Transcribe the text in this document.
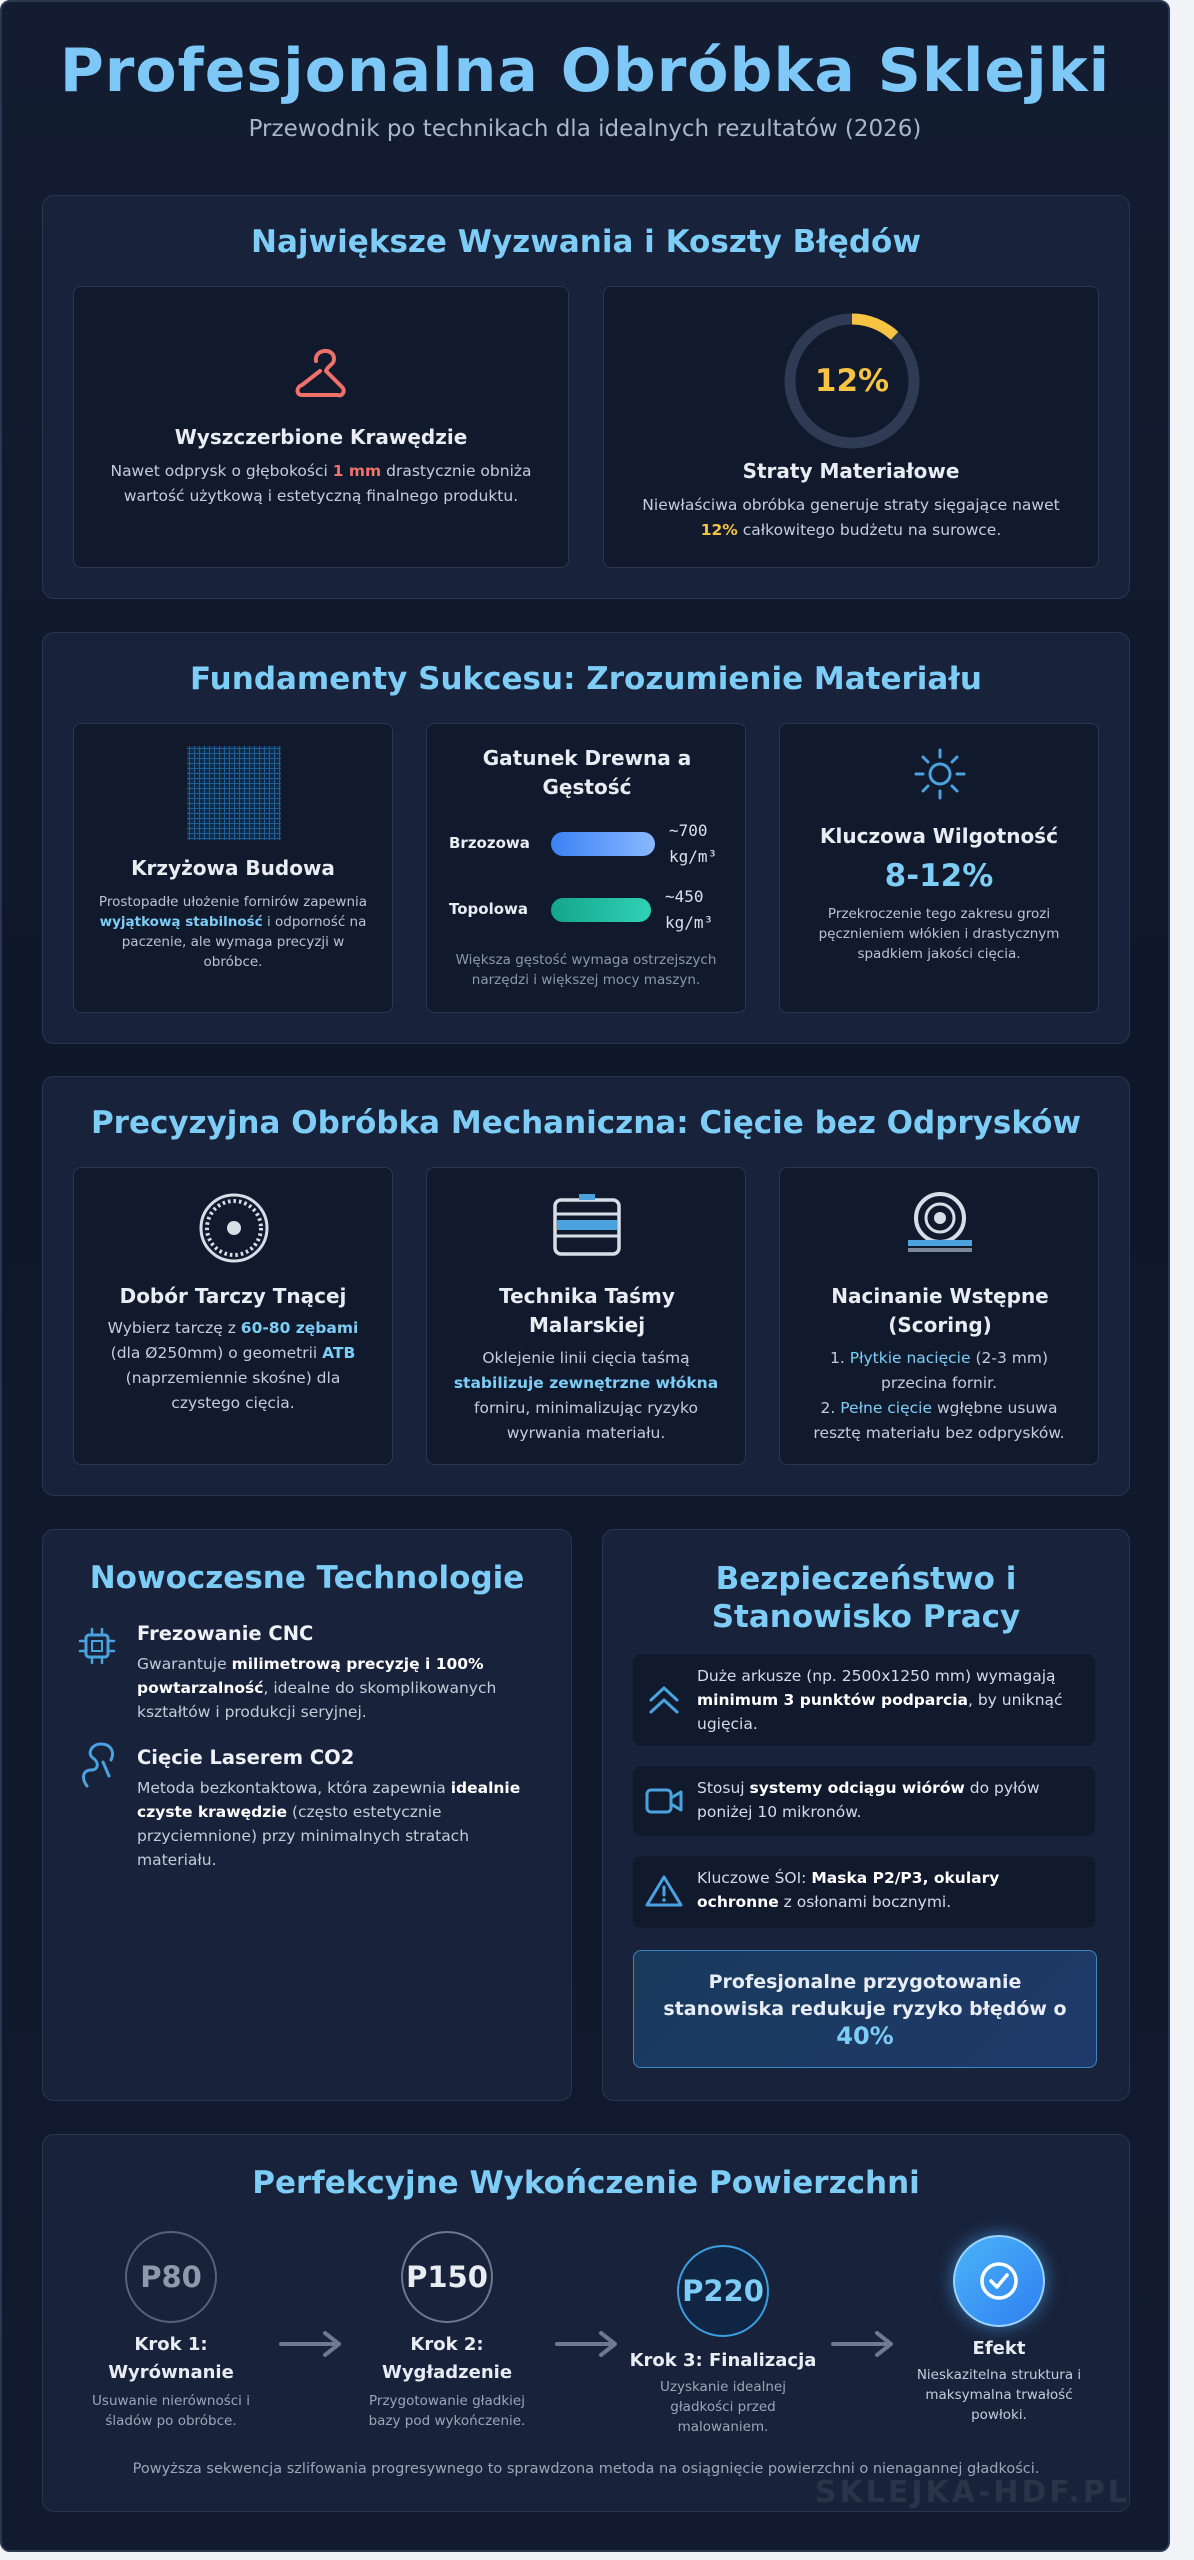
Profesjonalna Obróbka Sklejki
Przewodnik po technikach dla idealnych rezultatów (2026)
Największe Wyzwania i Koszty Błędów
Wyszczerbione Krawędzie
Nawet odprysk o głębokości 1 mm drastycznie obniża wartość użytkową i estetyczną finalnego produktu.
12%
Straty Materiałowe
Niewłaściwa obróbka generuje straty sięgające nawet 12% całkowitego budżetu na surowce.
Fundamenty Sukcesu: Zrozumienie Materiału
Krzyżowa Budowa
Prostopadłe ułożenie fornirów zapewnia wyjątkową stabilność i odporność na paczenie, ale wymaga precyzji w obróbce.
Gatunek Drewna a Gęstość
Brzozowa
~700
kg/m³
Topolowa
~450
kg/m³
Większa gęstość wymaga ostrzejszych narzędzi i większej mocy maszyn.
Kluczowa Wilgotność
8-12%
Przekroczenie tego zakresu grozi pęcznieniem włókien i drastycznym spadkiem jakości cięcia.
Precyzyjna Obróbka Mechaniczna: Cięcie bez Odprysków
Dobór Tarczy Tnącej
Wybierz tarczę z 60-80 zębami (dla Ø250mm) o geometrii ATB (naprzemiennie skośne) dla czystego cięcia.
Technika Taśmy Malarskiej
Oklejenie linii cięcia taśmą stabilizuje zewnętrzne włókna forniru, minimalizując ryzyko wyrwania materiału.
Nacinanie Wstępne (Scoring)
1. Płytkie nacięcie (2-3 mm) przecina fornir.
2. Pełne cięcie wgłębne usuwa resztę materiału bez odprysków.
Nowoczesne Technologie
Frezowanie CNC
Gwarantuje milimetrową precyzję i 100% powtarzalność, idealne do skomplikowanych kształtów i produkcji seryjnej.
Cięcie Laserem CO2
Metoda bezkontaktowa, która zapewnia idealnie czyste krawędzie (często estetycznie przyciemnione) przy minimalnych stratach materiału.
Bezpieczeństwo i
Stanowisko Pracy
Duże arkusze (np. 2500x1250 mm) wymagają minimum 3 punktów podparcia, by uniknąć ugięcia.
Stosuj systemy odciągu wiórów do pyłów poniżej 10 mikronów.
Kluczowe ŚOI: Maska P2/P3, okulary ochronne z osłonami bocznymi.
Profesjonalne przygotowanie stanowiska redukuje ryzyko błędów o 40%
Perfekcyjne Wykończenie Powierzchni
P80
Krok 1:
Wyrównanie
Usuwanie nierówności i śladów po obróbce.
P150
Krok 2:
Wygładzenie
Przygotowanie gładkiej bazy pod wykończenie.
P220
Krok 3: Finalizacja
Uzyskanie idealnej gładkości przed malowaniem.
Efekt
Nieskazitelna struktura i maksymalna trwałość powłoki.
Powyższa sekwencja szlifowania progresywnego to sprawdzona metoda na osiągnięcie powierzchni o nienagannej gładkości.
SKLEJKA-HDF.PL
